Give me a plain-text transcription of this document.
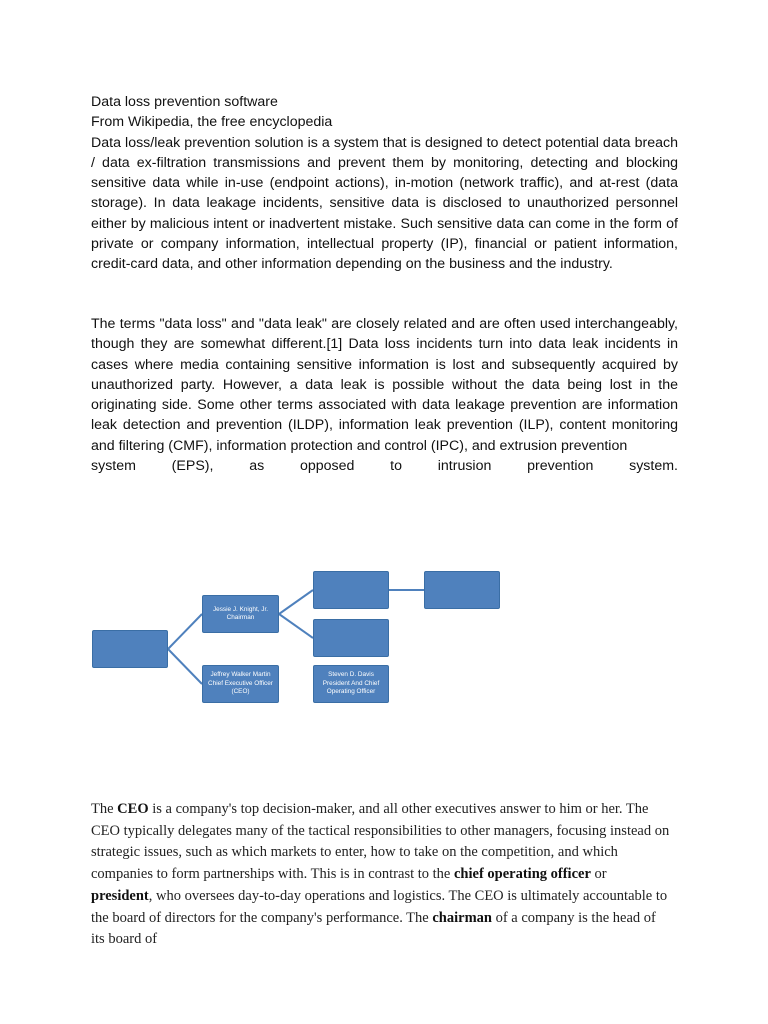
Data loss prevention software
From Wikipedia, the free encyclopedia

Data loss/leak prevention solution is a system that is designed to detect potential data breach / data ex-filtration transmissions and prevent them by monitoring, detecting and blocking sensitive data while in-use (endpoint actions), in-motion (network traffic), and at-rest (data storage). In data leakage incidents, sensitive data is disclosed to unauthorized personnel either by malicious intent or inadvertent mistake. Such sensitive data can come in the form of private or company information, intellectual property (IP), financial or patient information, credit-card data, and other information depending on the business and the industry.

The terms "data loss" and "data leak" are closely related and are often used interchangeably, though they are somewhat different.[1] Data loss incidents turn into data leak incidents in cases where media containing sensitive information is lost and subsequently acquired by unauthorized party. However, a data leak is possible without the data being lost in the originating side. Some other terms associated with data leakage prevention are information leak detection and prevention (ILDP), information leak prevention (ILP), content monitoring and filtering (CMF), information protection and control (IPC), and extrusion prevention

system (EPS), as opposed to intrusion prevention system.

Jessie J. Knight, Jr.
Chairman
Jeffrey Walker Martin
Chief Executive Officer (CEO)
Steven D. Davis
President And Chief Operating Officer
The CEO is a company's top decision-maker, and all other executives answer to him or her. The CEO typically delegates many of the tactical responsibilities to other managers, focusing instead on strategic issues, such as which markets to enter, how to take on the competition, and which companies to form partnerships with. This is in contrast to the chief operating officer or president, who oversees day-to-day operations and logistics. The CEO is ultimately accountable to the board of directors for the company's performance. The chairman of a company is the head of its board of
